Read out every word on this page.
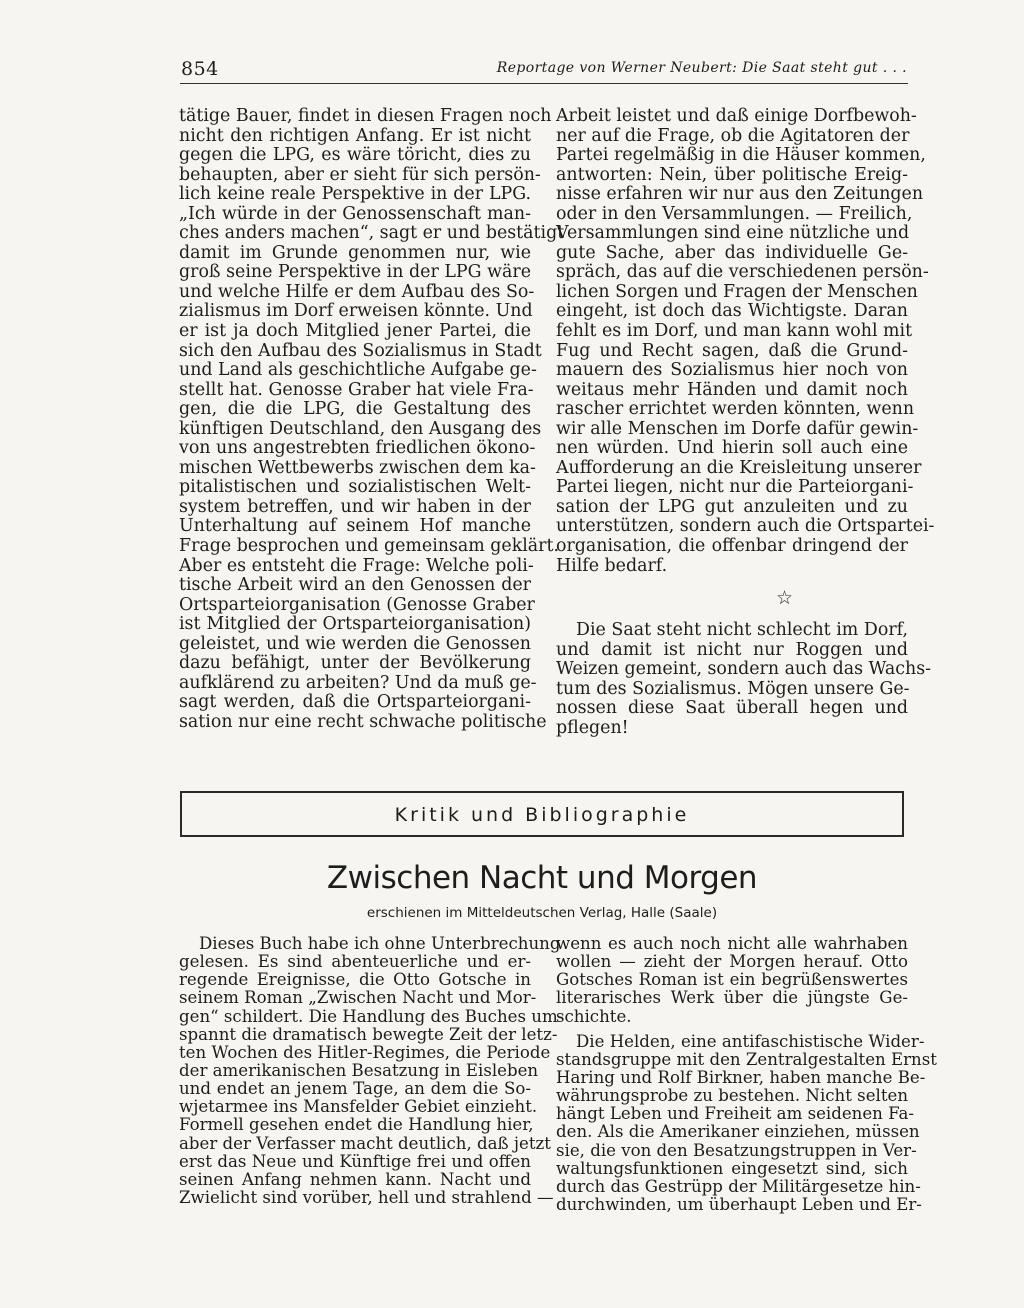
854	Reportage von Werner Neubert: Die Saat steht gut . . .
tätige Bauer, findet in diesen Fragen noch
nicht den richtigen Anfang. Er ist nicht
gegen die LPG, es wäre töricht, dies zu
behaupten, aber er sieht für sich persön-
lich keine reale Perspektive in der LPG.
„Ich würde in der Genossenschaft man-
ches anders machen“, sagt er und bestätigt
damit im Grunde genommen nur, wie
groß seine Perspektive in der LPG wäre
und welche Hilfe er dem Aufbau des So-
zialismus im Dorf erweisen könnte. Und
er ist ja doch Mitglied jener Partei, die
sich den Aufbau des Sozialismus in Stadt
und Land als geschichtliche Aufgabe ge-
stellt hat. Genosse Graber hat viele Fra-
gen, die die LPG, die Gestaltung des
künftigen Deutschland, den Ausgang des
von uns angestrebten friedlichen ökono-
mischen Wettbewerbs zwischen dem ka-
pitalistischen und sozialistischen Welt-
system betreffen, und wir haben in der
Unterhaltung auf seinem Hof manche
Frage besprochen und gemeinsam geklärt.
Aber es entsteht die Frage: Welche poli-
tische Arbeit wird an den Genossen der
Ortsparteiorganisation (Genosse Graber
ist Mitglied der Ortsparteiorganisation)
geleistet, und wie werden die Genossen
dazu befähigt, unter der Bevölkerung
aufklärend zu arbeiten? Und da muß ge-
sagt werden, daß die Ortsparteiorgani-
sation nur eine recht schwache politische
Arbeit leistet und daß einige Dorfbewoh-
ner auf die Frage, ob die Agitatoren der
Partei regelmäßig in die Häuser kommen,
antworten: Nein, über politische Ereig-
nisse erfahren wir nur aus den Zeitungen
oder in den Versammlungen. — Freilich,
Versammlungen sind eine nützliche und
gute Sache, aber das individuelle Ge-
spräch, das auf die verschiedenen persön-
lichen Sorgen und Fragen der Menschen
eingeht, ist doch das Wichtigste. Daran
fehlt es im Dorf, und man kann wohl mit
Fug und Recht sagen, daß die Grund-
mauern des Sozialismus hier noch von
weitaus mehr Händen und damit noch
rascher errichtet werden könnten, wenn
wir alle Menschen im Dorfe dafür gewin-
nen würden. Und hierin soll auch eine
Aufforderung an die Kreisleitung unserer
Partei liegen, nicht nur die Parteiorgani-
sation der LPG gut anzuleiten und zu
unterstützen, sondern auch die Ortspartei-
organisation, die offenbar dringend der
Hilfe bedarf.
☆
Die Saat steht nicht schlecht im Dorf,
und damit ist nicht nur Roggen und
Weizen gemeint, sondern auch das Wachs-
tum des Sozialismus. Mögen unsere Ge-
nossen diese Saat überall hegen und
pflegen!
Kritik und Bibliographie
Zwischen Nacht und Morgen
erschienen im Mitteldeutschen Verlag, Halle (Saale)
Dieses Buch habe ich ohne Unterbrechung
gelesen. Es sind abenteuerliche und er-
regende Ereignisse, die Otto Gotsche in
seinem Roman „Zwischen Nacht und Mor-
gen“ schildert. Die Handlung des Buches um-
spannt die dramatisch bewegte Zeit der letz-
ten Wochen des Hitler-Regimes, die Periode
der amerikanischen Besatzung in Eisleben
und endet an jenem Tage, an dem die So-
wjetarmee ins Mansfelder Gebiet einzieht.
Formell gesehen endet die Handlung hier,
aber der Verfasser macht deutlich, daß jetzt
erst das Neue und Künftige frei und offen
seinen Anfang nehmen kann. Nacht und
Zwielicht sind vorüber, hell und strahlend —
wenn es auch noch nicht alle wahrhaben
wollen — zieht der Morgen herauf. Otto
Gotsches Roman ist ein begrüßenswertes
literarisches Werk über die jüngste Ge-
schichte.
Die Helden, eine antifaschistische Wider-
standsgruppe mit den Zentralgestalten Ernst
Haring und Rolf Birkner, haben manche Be-
währungsprobe zu bestehen. Nicht selten
hängt Leben und Freiheit am seidenen Fa-
den. Als die Amerikaner einziehen, müssen
sie, die von den Besatzungstruppen in Ver-
waltungsfunktionen eingesetzt sind, sich
durch das Gestrüpp der Militärgesetze hin-
durchwinden, um überhaupt Leben und Er-
